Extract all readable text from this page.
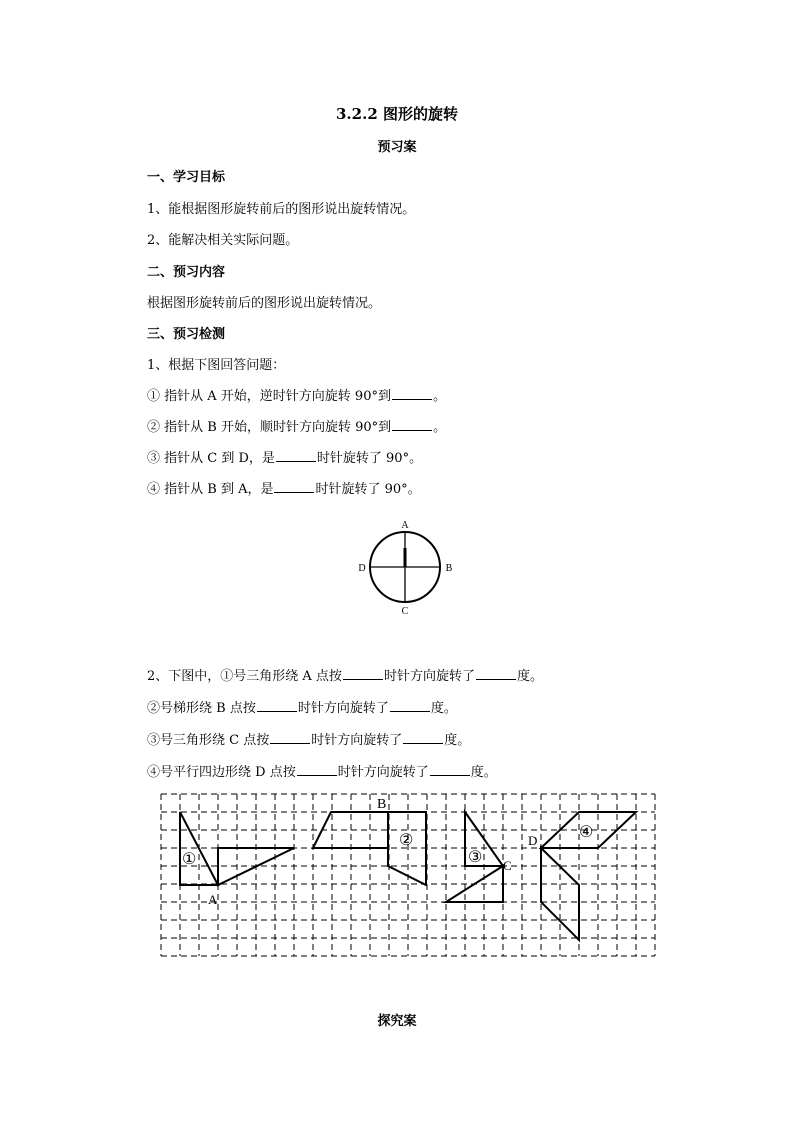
3.2.2 图形的旋转
预习案
一、学习目标
1、能根据图形旋转前后的图形说出旋转情况。
2、能解决相关实际问题。
二、预习内容
根据图形旋转前后的图形说出旋转情况。
三、预习检测
1、根据下图回答问题：
① 指针从 A 开始，逆时针方向旋转 90°到	。
② 指针从 B 开始，顺时针方向旋转 90°到	。
③ 指针从 C 到 D，是	时针旋转了 90°。
④ 指针从 B 到 A，是	时针旋转了 90°。
A
B
C
D
2、下图中，①号三角形绕 A 点按	时针方向旋转了	度。
②号梯形绕 B 点按	时针方向旋转了	度。
③号三角形绕 C 点按	时针方向旋转了	度。
④号平行四边形绕 D 点按	时针方向旋转了	度。
①
A
B
②
③ C
D	④
探究案
